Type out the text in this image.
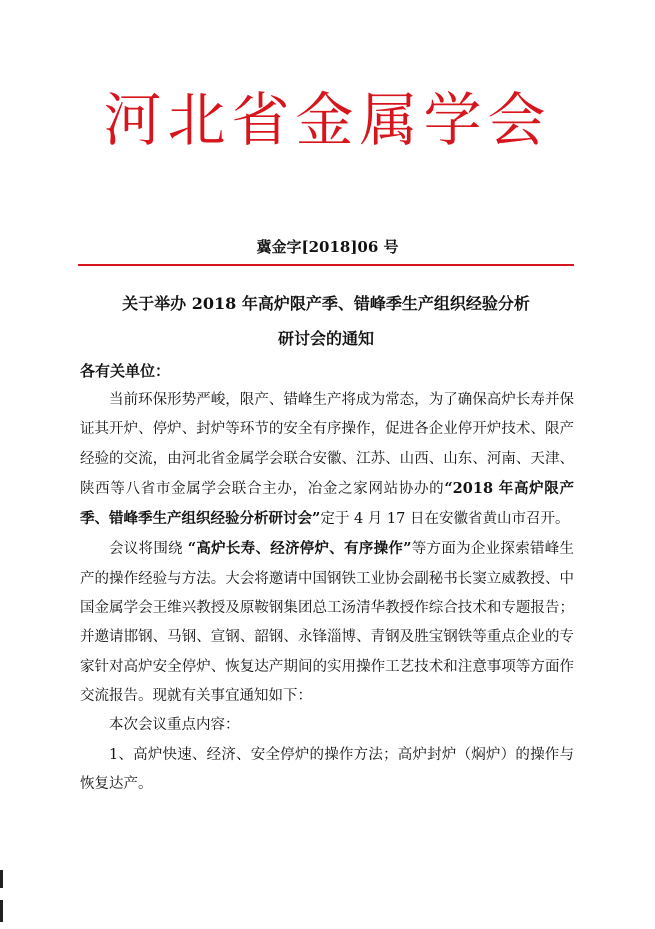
河北省金属学会
冀金字[2018]06 号
关于举办 2018 年高炉限产季、错峰季生产组织经验分析
研讨会的通知
各有关单位：

当前环保形势严峻，限产、错峰生产将成为常态，为了确保高炉长寿并保证其开炉、停炉、封炉等环节的安全有序操作，促进各企业停开炉技术、限产经验的交流，由河北省金属学会联合安徽、江苏、山西、山东、河南、天津、陕西等八省市金属学会联合主办，冶金之家网站协办的“2018 年高炉限产季、错峰季生产组织经验分析研讨会”定于 4 月 17 日在安徽省黄山市召开。

会议将围绕 “高炉长寿、经济停炉、有序操作”等方面为企业探索错峰生产的操作经验与方法。大会将邀请中国钢铁工业协会副秘书长窦立威教授、中国金属学会王维兴教授及原鞍钢集团总工汤清华教授作综合技术和专题报告；并邀请邯钢、马钢、宣钢、韶钢、永锋淄博、青钢及胜宝钢铁等重点企业的专家针对高炉安全停炉、恢复达产期间的实用操作工艺技术和注意事项等方面作交流报告。现就有关事宜通知如下：

本次会议重点内容：

1、高炉快速、经济、安全停炉的操作方法；高炉封炉（焖炉）的操作与恢复达产。
